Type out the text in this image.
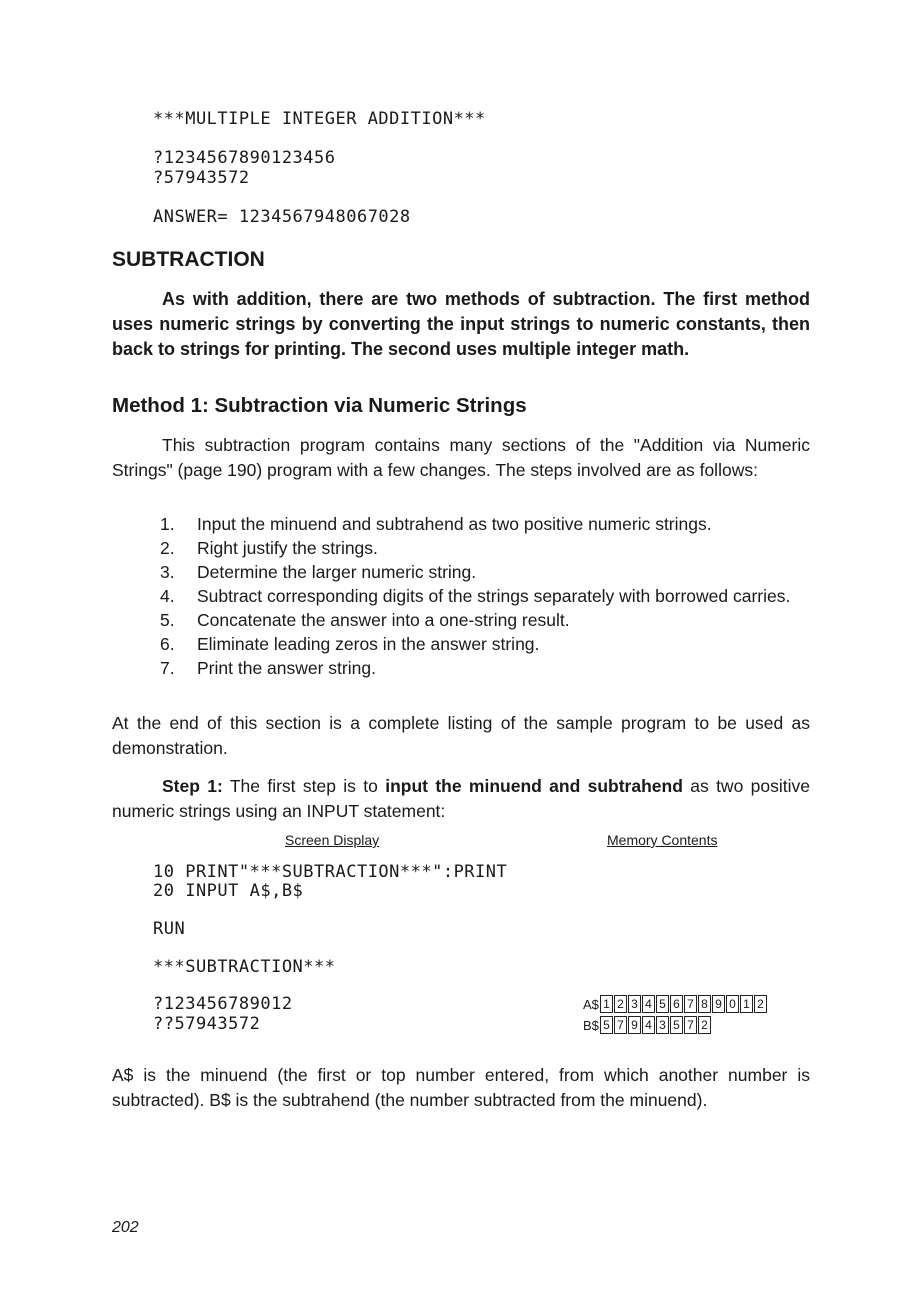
***MULTIPLE INTEGER ADDITION***
?1234567890123456
?57943572
ANSWER= 1234567948067028
SUBTRACTION
As with addition, there are two methods of subtraction. The first method uses numeric strings by converting the input strings to numeric constants, then back to strings for printing. The second uses multiple integer math.
Method 1: Subtraction via Numeric Strings
This subtraction program contains many sections of the "Addition via Numeric Strings" (page 190) program with a few changes. The steps involved are as follows:
1.	Input the minuend and subtrahend as two positive numeric strings.
2.	Right justify the strings.
3.	Determine the larger numeric string.
4.	Subtract corresponding digits of the strings separately with borrowed carries.
5.	Concatenate the answer into a one-string result.
6.	Eliminate leading zeros in the answer string.
7.	Print the answer string.
At the end of this section is a complete listing of the sample program to be used as demonstration.
Step 1: The first step is to input the minuend and subtrahend as two positive numeric strings using an INPUT statement:
Screen Display	Memory Contents
10 PRINT"***SUBTRACTION***":PRINT
20 INPUT A$,B$
RUN
***SUBTRACTION***
?123456789012
??57943572
A$ 1 2 3 4 5 6 7 8 9 0 1 2
B$ 5 7 9 4 3 5 7 2
A$ is the minuend (the first or top number entered, from which another number is subtracted). B$ is the subtrahend (the number subtracted from the minuend).
202
